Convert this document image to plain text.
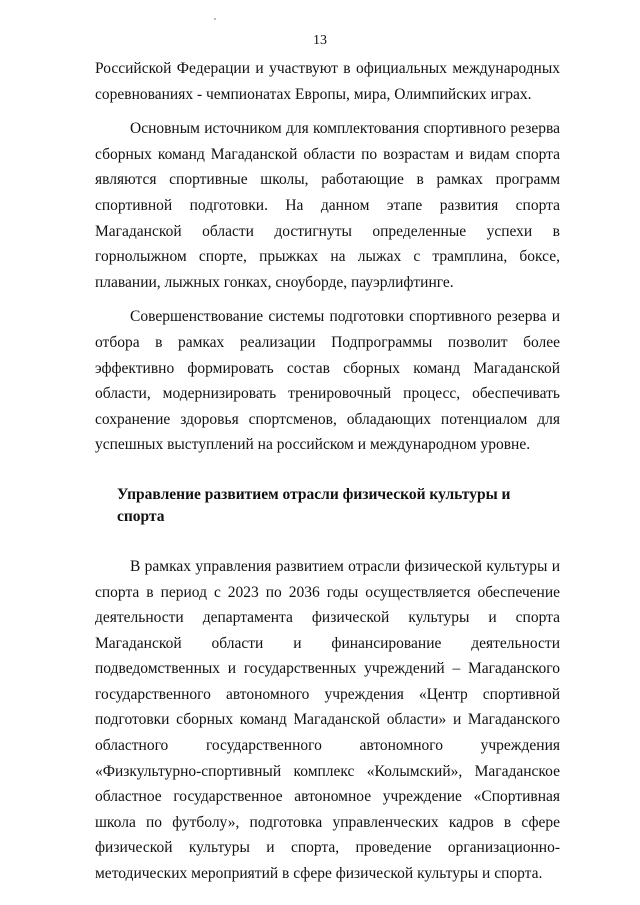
13

Российской Федерации и участвуют в официальных международных соревнованиях - чемпионатах Европы, мира, Олимпийских играх.

Основным источником для комплектования спортивного резерва сборных команд Магаданской области по возрастам и видам спорта являются спортивные школы, работающие в рамках программ спортивной подготовки. На данном этапе развития спорта Магаданской области достигнуты определенные успехи в горнолыжном спорте, прыжках на лыжах с трамплина, боксе, плавании, лыжных гонках, сноуборде, пауэрлифтинге.

Совершенствование системы подготовки спортивного резерва и отбора в рамках реализации Подпрограммы позволит более эффективно формировать состав сборных команд Магаданской области, модернизировать тренировочный процесс, обеспечивать сохранение здоровья спортсменов, обладающих потенциалом для успешных выступлений на российском и международном уровне.

Управление развитием отрасли физической культуры и спорта

В рамках управления развитием отрасли физической культуры и спорта в период с 2023 по 2036 годы осуществляется обеспечение деятельности департамента физической культуры и спорта Магаданской области и финансирование деятельности подведомственных и государственных учреждений – Магаданского государственного автономного учреждения «Центр спортивной подготовки сборных команд Магаданской области» и Магаданского областного государственного автономного учреждения «Физкультурно-спортивный комплекс «Колымский», Магаданское областное государственное автономное учреждение «Спортивная школа по футболу», подготовка управленческих кадров в сфере физической культуры и спорта, проведение организационно-методических мероприятий в сфере физической культуры и спорта.
